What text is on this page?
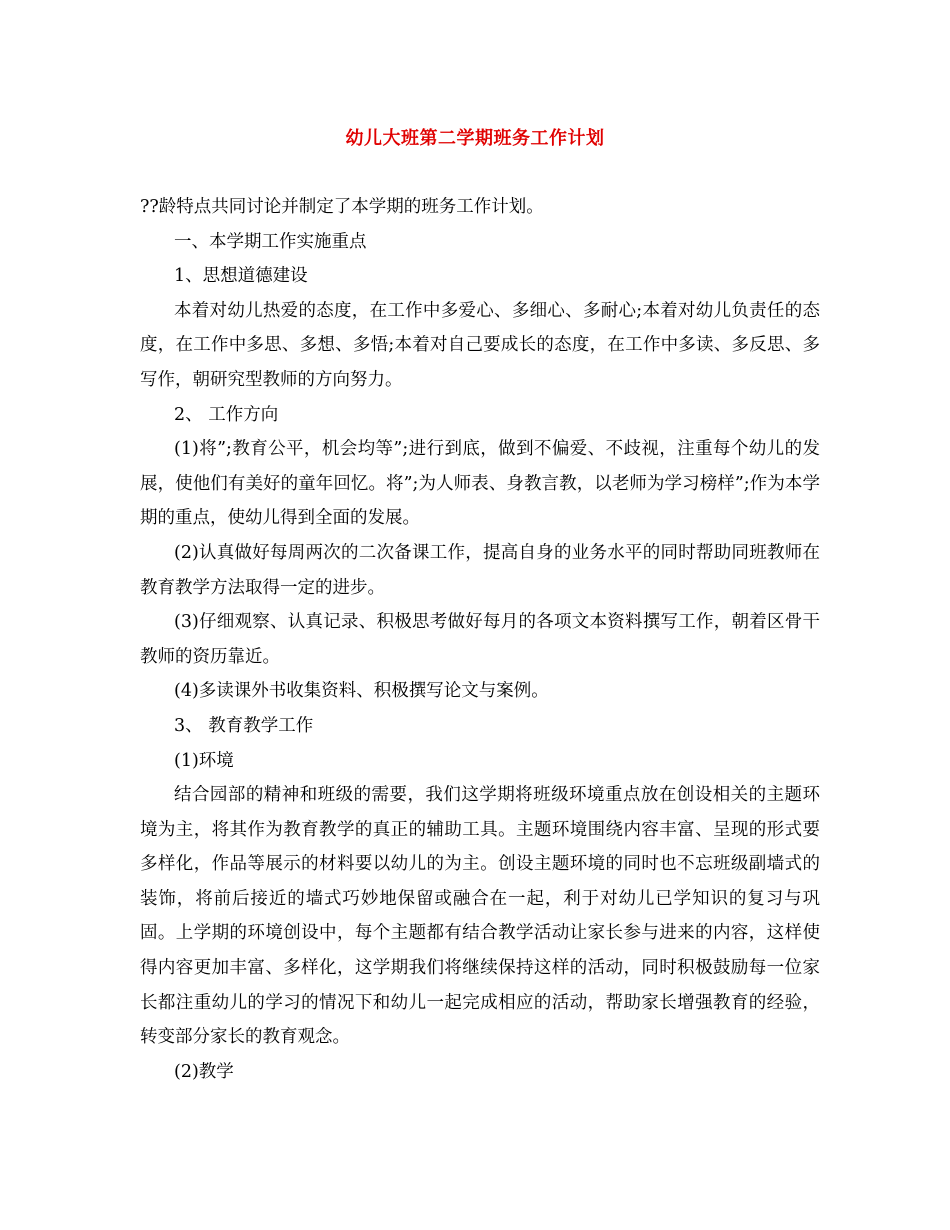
幼儿大班第二学期班务工作计划

??龄特点共同讨论并制定了本学期的班务工作计划。

一、本学期工作实施重点

1、思想道德建设

本着对幼儿热爱的态度，在工作中多爱心、多细心、多耐心;本着对幼儿负责任的态度，在工作中多思、多想、多悟;本着对自己要成长的态度，在工作中多读、多反思、多写作，朝研究型教师的方向努力。

2、 工作方向

(1)将”;教育公平，机会均等”;进行到底，做到不偏爱、不歧视，注重每个幼儿的发展，使他们有美好的童年回忆。将”;为人师表、身教言教，以老师为学习榜样”;作为本学期的重点，使幼儿得到全面的发展。

(2)认真做好每周两次的二次备课工作，提高自身的业务水平的同时帮助同班教师在教育教学方法取得一定的进步。

(3)仔细观察、认真记录、积极思考做好每月的各项文本资料撰写工作，朝着区骨干教师的资历靠近。

(4)多读课外书收集资料、积极撰写论文与案例。

3、 教育教学工作

(1)环境

结合园部的精神和班级的需要，我们这学期将班级环境重点放在创设相关的主题环境为主，将其作为教育教学的真正的辅助工具。主题环境围绕内容丰富、呈现的形式要多样化，作品等展示的材料要以幼儿的为主。创设主题环境的同时也不忘班级副墙式的装饰，将前后接近的墙式巧妙地保留或融合在一起，利于对幼儿已学知识的复习与巩固。上学期的环境创设中，每个主题都有结合教学活动让家长参与进来的内容，这样使得内容更加丰富、多样化，这学期我们将继续保持这样的活动，同时积极鼓励每一位家长都注重幼儿的学习的情况下和幼儿一起完成相应的活动，帮助家长增强教育的经验，转变部分家长的教育观念。

(2)教学
